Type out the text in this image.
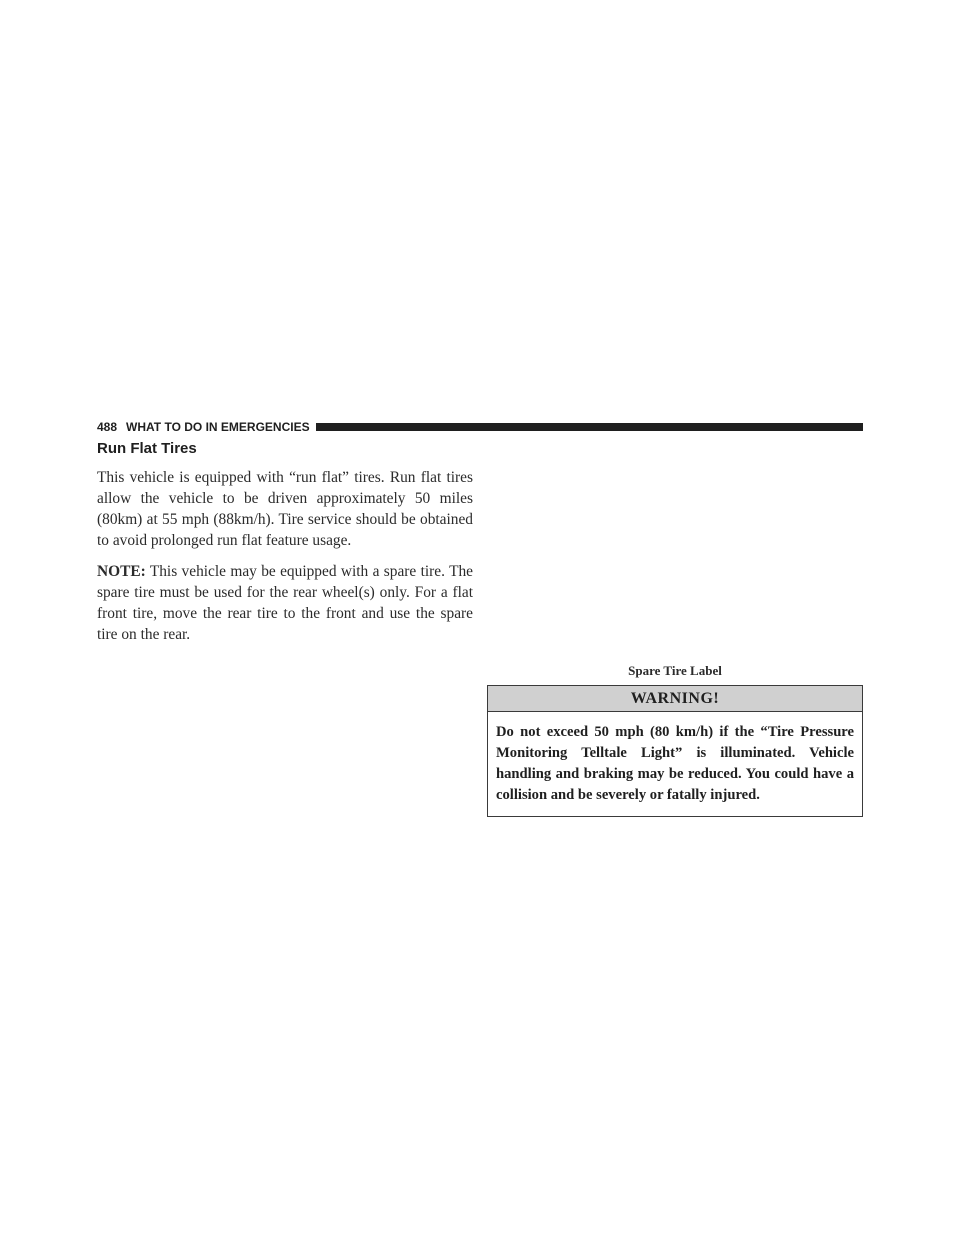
488 WHAT TO DO IN EMERGENCIES
Run Flat Tires

This vehicle is equipped with “run flat” tires. Run flat tires allow the vehicle to be driven approximately 50 miles (80km) at 55 mph (88km/h). Tire service should be obtained to avoid prolonged run flat feature usage.

NOTE: This vehicle may be equipped with a spare tire. The spare tire must be used for the rear wheel(s) only. For a flat front tire, move the rear tire to the front and use the spare tire on the rear.

Spare Tire Label
WARNING!
Do not exceed 50 mph (80 km/h) if the “Tire Pressure Monitoring Telltale Light” is illuminated. Vehicle handling and braking may be reduced. You could have a collision and be severely or fatally injured.
